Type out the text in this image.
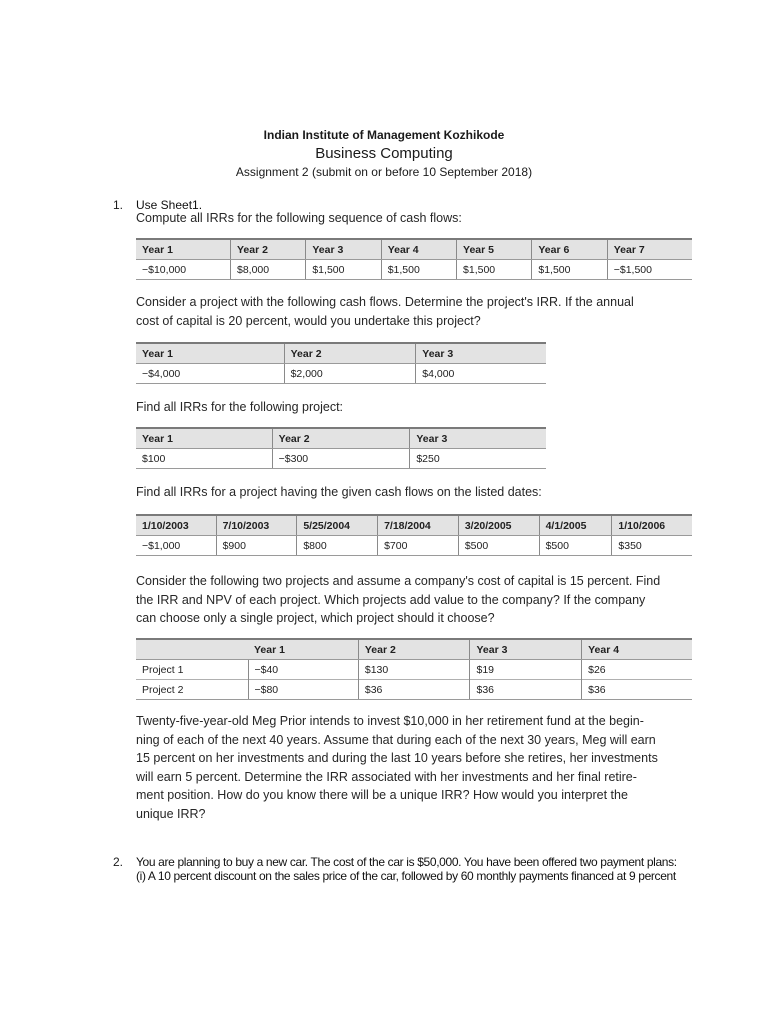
Indian Institute of Management Kozhikode
Business Computing
Assignment 2 (submit on or before 10 September 2018)
1. Use Sheet1.
Compute all IRRs for the following sequence of cash flows:
Year 1	Year 2	Year 3	Year 4	Year 5	Year 6	Year 7
−$10,000	$8,000	$1,500	$1,500	$1,500	$1,500	−$1,500
Consider a project with the following cash flows. Determine the project's IRR. If the annual
cost of capital is 20 percent, would you undertake this project?
Year 1	Year 2	Year 3
−$4,000	$2,000	$4,000
Find all IRRs for the following project:
Year 1	Year 2	Year 3
$100	−$300	$250
Find all IRRs for a project having the given cash flows on the listed dates:
1/10/2003	7/10/2003	5/25/2004	7/18/2004	3/20/2005	4/1/2005	1/10/2006
−$1,000	$900	$800	$700	$500	$500	$350
Consider the following two projects and assume a company's cost of capital is 15 percent. Find
the IRR and NPV of each project. Which projects add value to the company? If the company
can choose only a single project, which project should it choose?
	Year 1	Year 2	Year 3	Year 4
Project 1	−$40	$130	$19	$26
Project 2	−$80	$36	$36	$36
Twenty-five-year-old Meg Prior intends to invest $10,000 in her retirement fund at the begin-
ning of each of the next 40 years. Assume that during each of the next 30 years, Meg will earn
15 percent on her investments and during the last 10 years before she retires, her investments
will earn 5 percent. Determine the IRR associated with her investments and her final retire-
ment position. How do you know there will be a unique IRR? How would you interpret the
unique IRR?
2. You are planning to buy a new car. The cost of the car is $50,000. You have been offered two payment plans:
(i) A 10 percent discount on the sales price of the car, followed by 60 monthly payments financed at 9 percent
